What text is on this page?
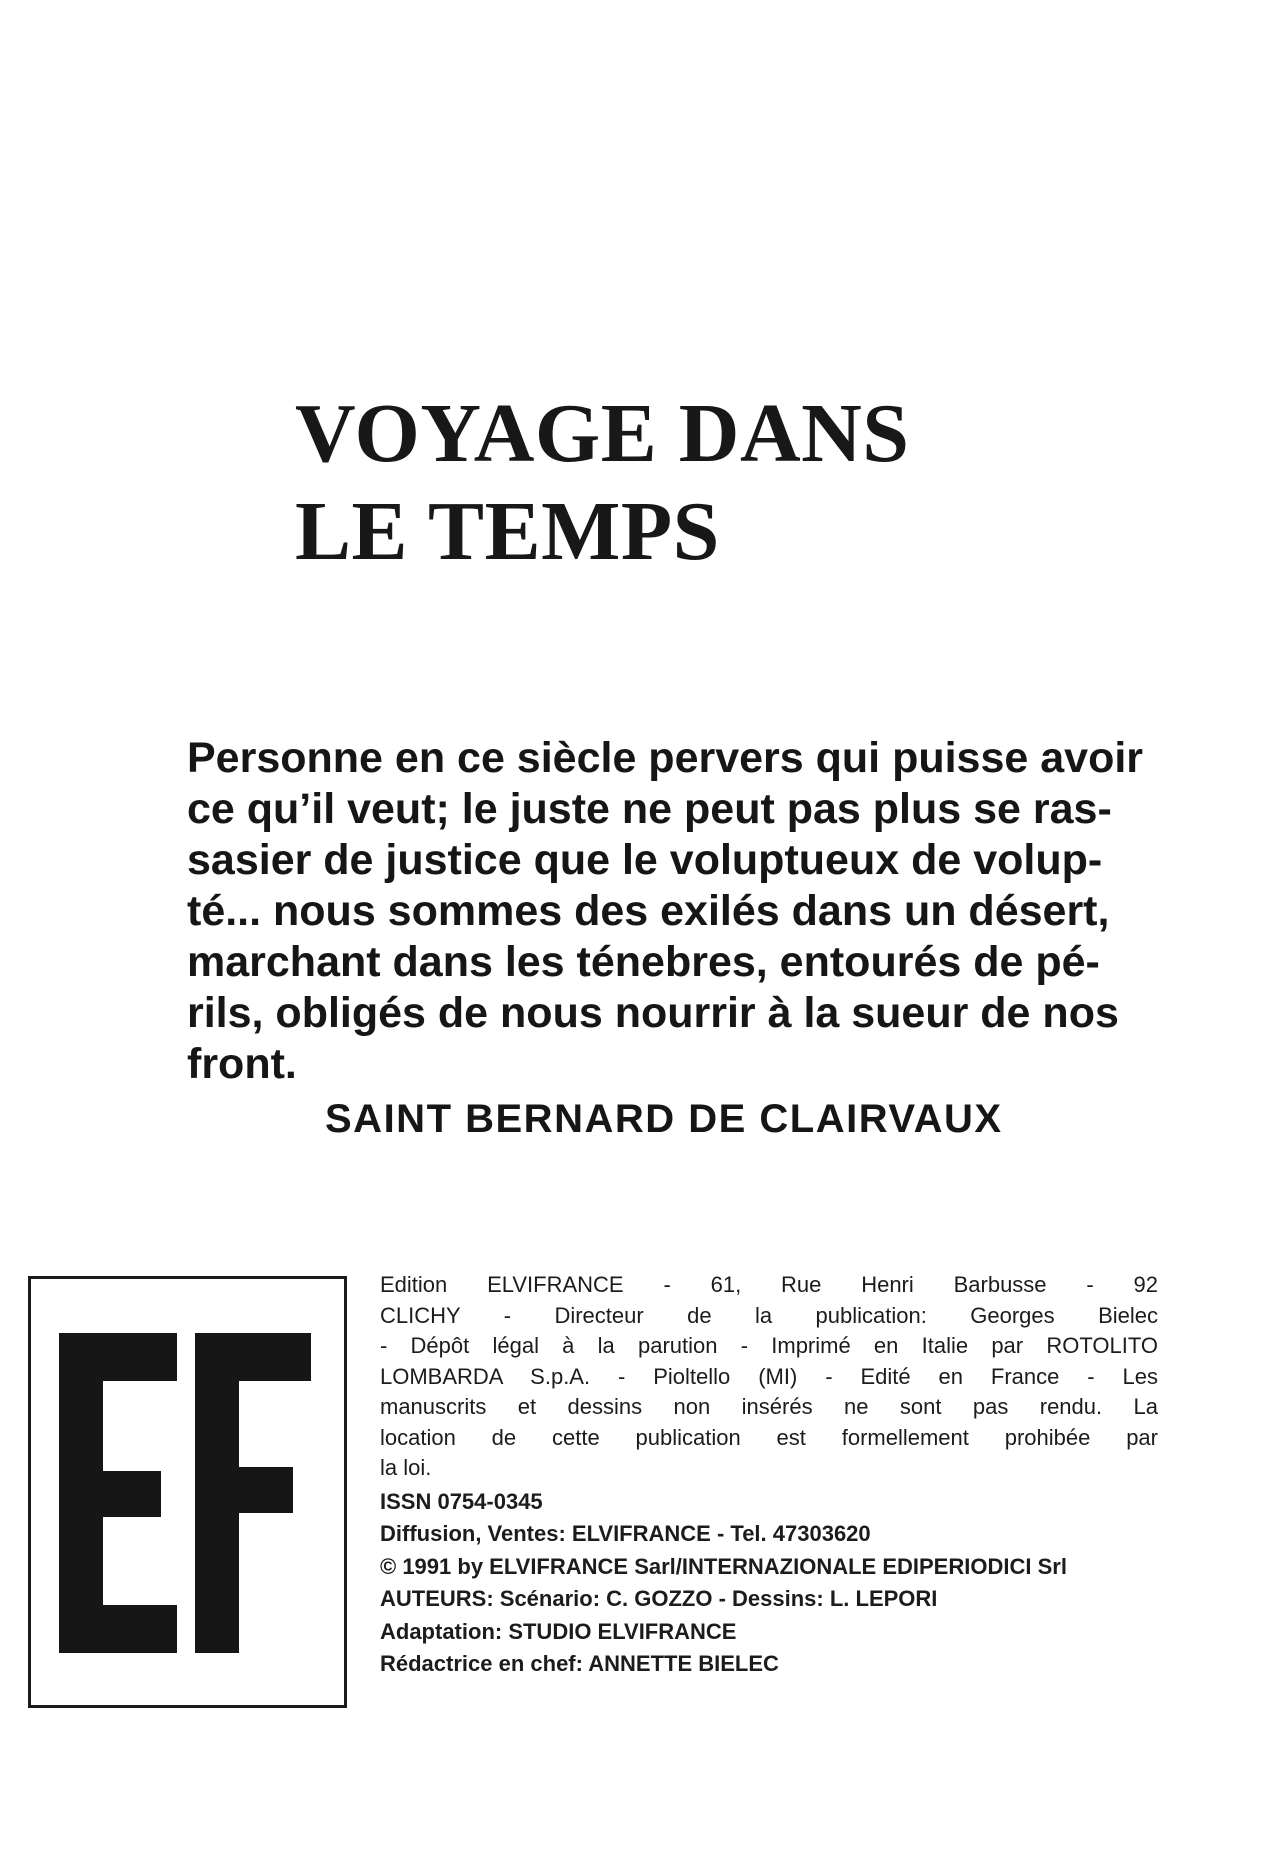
VOYAGE DANS
LE TEMPS
Personne en ce siècle pervers qui puisse avoir
ce qu’il veut; le juste ne peut pas plus se ras-
sasier de justice que le voluptueux de volup-
té... nous sommes des exilés dans un désert,
marchant dans les ténebres, entourés de pé-
rils, obligés de nous nourrir à la sueur de nos
front.
SAINT BERNARD DE CLAIRVAUX
Edition ELVIFRANCE - 61, Rue Henri Barbusse - 92
CLICHY - Directeur de la publication: Georges Bielec
- Dépôt légal à la parution - Imprimé en Italie par ROTOLITO
LOMBARDA S.p.A. - Pioltello (MI) - Edité en France - Les
manuscrits et dessins non insérés ne sont pas rendu. La
location de cette publication est formellement prohibée par
la loi.
ISSN 0754-0345
Diffusion, Ventes: ELVIFRANCE - Tel. 47303620
© 1991 by ELVIFRANCE Sarl/INTERNAZIONALE EDIPERIODICI Srl
AUTEURS: Scénario: C. GOZZO - Dessins: L. LEPORI
Adaptation: STUDIO ELVIFRANCE
Rédactrice en chef: ANNETTE BIELEC
